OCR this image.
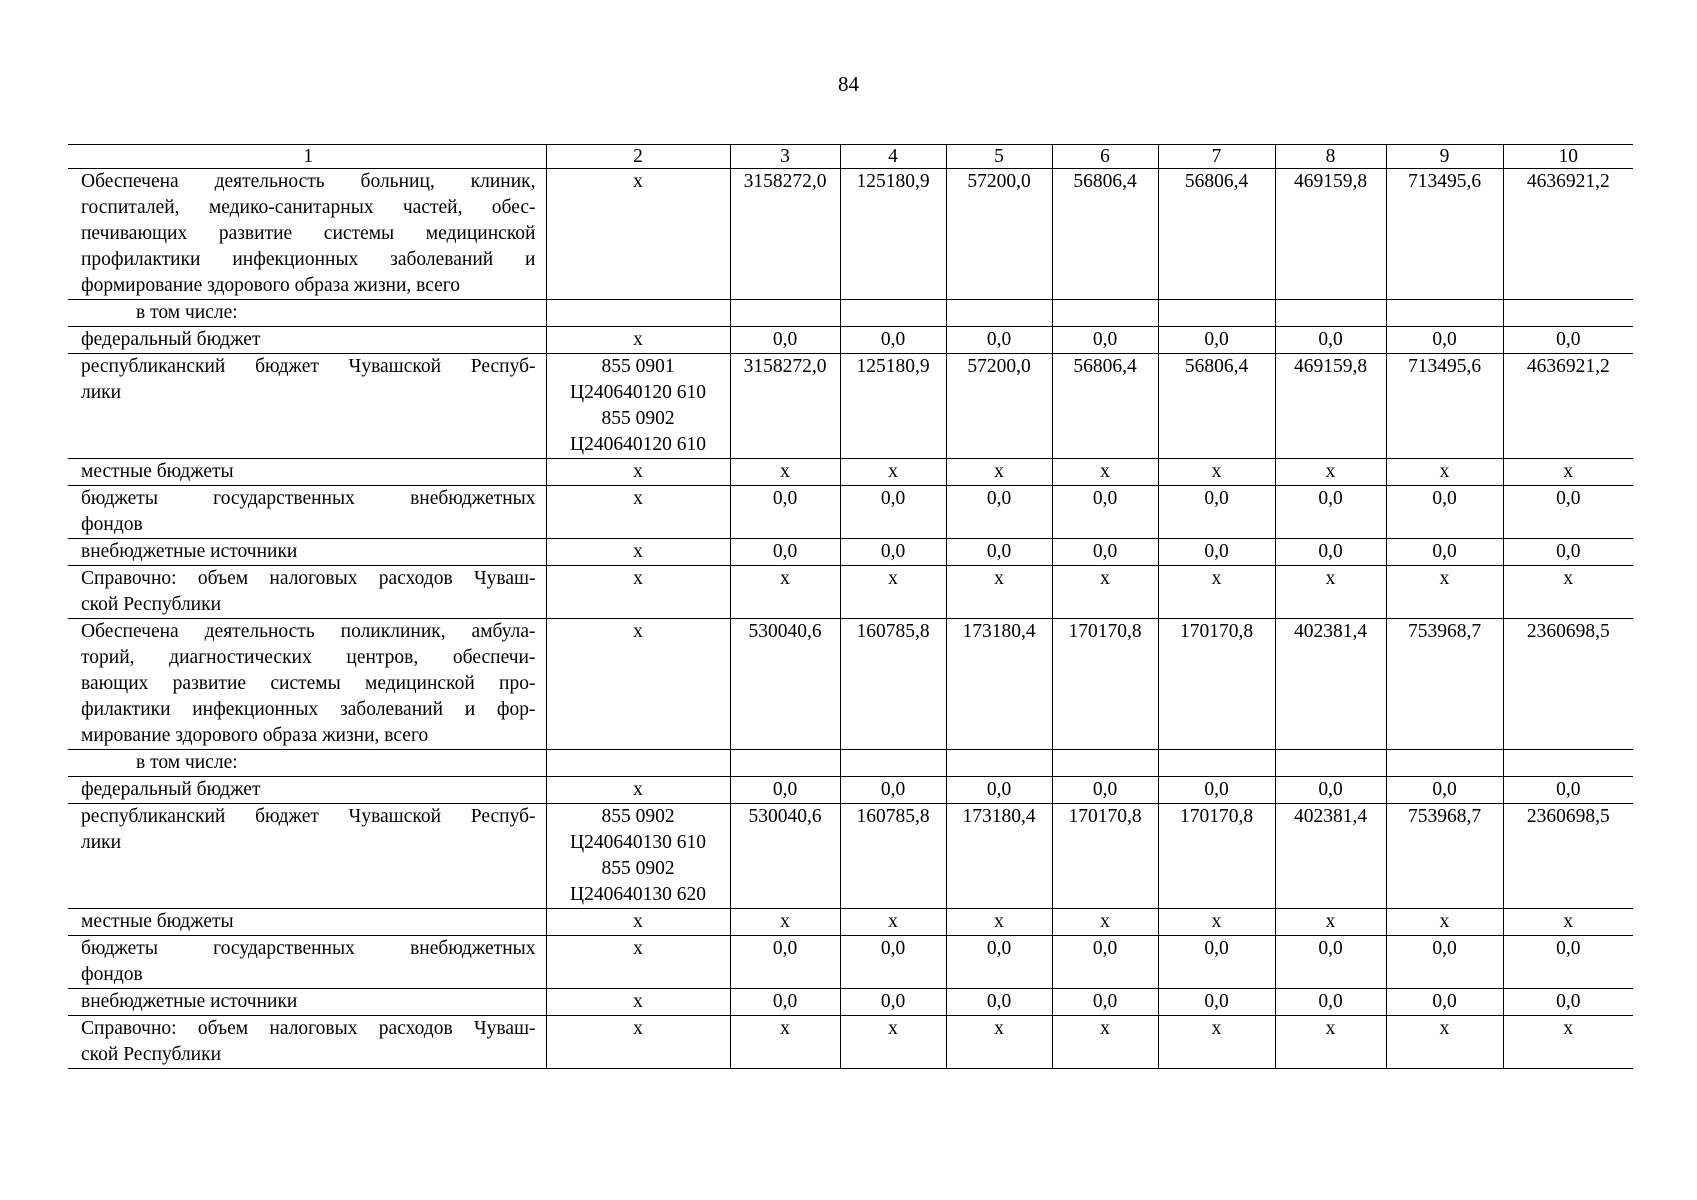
84
1	2	3	4	5	6	7	8	9	10

Обеспечена деятельность больниц, клиник,
госпиталей, медико-санитарных частей, обес-
печивающих развитие системы медицинской
профилактики инфекционных заболеваний и
формирование здорового образа жизни, всего	х	3158272,0	125180,9	57200,0	56806,4	56806,4	469159,8	713495,6	4636921,2

в том числе:									

федеральный бюджет	х	0,0	0,0	0,0	0,0	0,0	0,0	0,0	0,0

республиканский бюджет Чувашской Респуб-
лики	855 0901
Ц240640120 610
855 0902
Ц240640120 610	3158272,0	125180,9	57200,0	56806,4	56806,4	469159,8	713495,6	4636921,2

местные бюджеты	х	х	х	х	х	х	х	х	х

бюджеты государственных внебюджетных
фондов	х	0,0	0,0	0,0	0,0	0,0	0,0	0,0	0,0

внебюджетные источники	х	0,0	0,0	0,0	0,0	0,0	0,0	0,0	0,0

Справочно: объем налоговых расходов Чуваш-
ской Республики	х	х	х	х	х	х	х	х	х

Обеспечена деятельность поликлиник, амбула-
торий, диагностических центров, обеспечи-
вающих развитие системы медицинской про-
филактики инфекционных заболеваний и фор-
мирование здорового образа жизни, всего	х	530040,6	160785,8	173180,4	170170,8	170170,8	402381,4	753968,7	2360698,5

в том числе:									

федеральный бюджет	х	0,0	0,0	0,0	0,0	0,0	0,0	0,0	0,0

республиканский бюджет Чувашской Респуб-
лики	855 0902
Ц240640130 610
855 0902
Ц240640130 620	530040,6	160785,8	173180,4	170170,8	170170,8	402381,4	753968,7	2360698,5

местные бюджеты	х	х	х	х	х	х	х	х	х

бюджеты государственных внебюджетных
фондов	х	0,0	0,0	0,0	0,0	0,0	0,0	0,0	0,0

внебюджетные источники	х	0,0	0,0	0,0	0,0	0,0	0,0	0,0	0,0

Справочно: объем налоговых расходов Чуваш-
ской Республики	х	х	х	х	х	х	х	х	х
